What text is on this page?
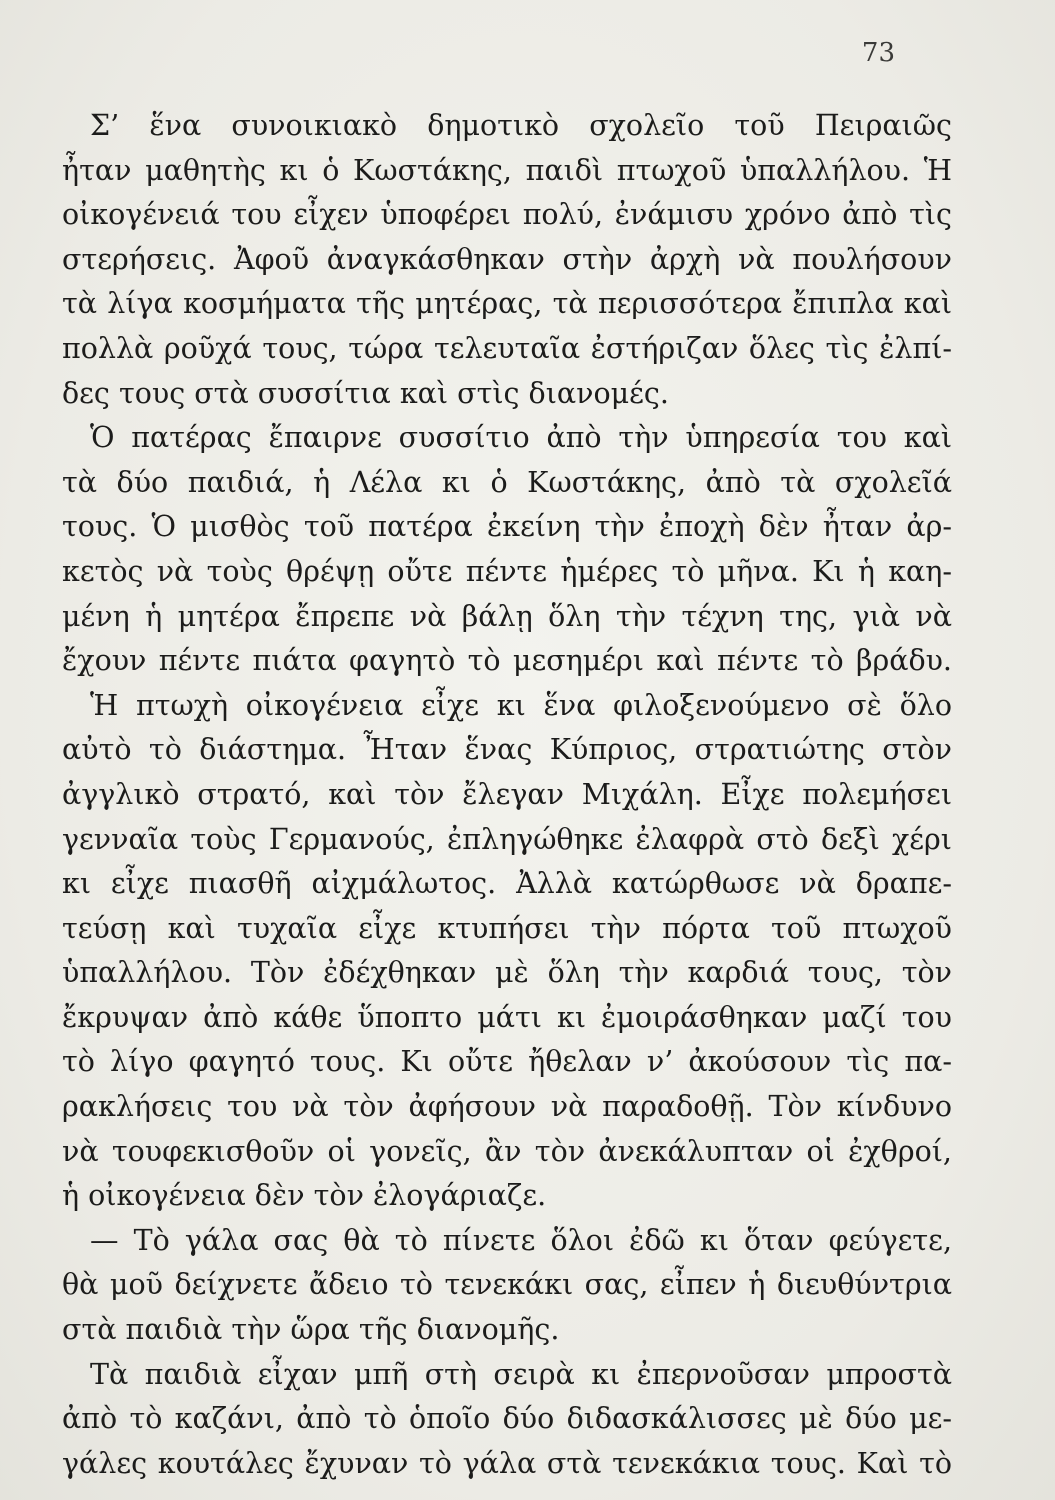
73
Σ’ ἕνα συνοικιακὸ δημοτικὸ σχολεῖο τοῦ Πειραιῶς
ἦταν μαθητὴς κι ὁ Κωστάκης, παιδὶ πτωχοῦ ὑπαλλήλου. Ἡ
οἰκογένειά του εἶχεν ὑποφέρει πολύ, ἐνάμισυ χρόνο ἀπὸ τὶς
στερήσεις. Ἀφοῦ ἀναγκάσθηκαν στὴν ἀρχὴ νὰ πουλήσουν
τὰ λίγα κοσμήματα τῆς μητέρας, τὰ περισσότερα ἔπιπλα καὶ
πολλὰ ροῦχά τους, τώρα τελευταῖα ἐστήριζαν ὅλες τὶς ἐλπί-
δες τους στὰ συσσίτια καὶ στὶς διανομές.
Ὁ πατέρας ἔπαιρνε συσσίτιο ἀπὸ τὴν ὑπηρεσία του καὶ
τὰ δύο παιδιά, ἡ Λέλα κι ὁ Κωστάκης, ἀπὸ τὰ σχολεῖά
τους. Ὁ μισθὸς τοῦ πατέρα ἐκείνη τὴν ἐποχὴ δὲν ἦταν ἀρ-
κετὸς νὰ τοὺς θρέψῃ οὔτε πέντε ἡμέρες τὸ μῆνα. Κι ἡ καη-
μένη ἡ μητέρα ἔπρεπε νὰ βάλῃ ὅλη τὴν τέχνη της, γιὰ νὰ
ἔχουν πέντε πιάτα φαγητὸ τὸ μεσημέρι καὶ πέντε τὸ βράδυ.
Ἡ πτωχὴ οἰκογένεια εἶχε κι ἕνα φιλοξενούμενο σὲ ὅλο
αὐτὸ τὸ διάστημα. Ἦταν ἕνας Κύπριος, στρατιώτης στὸν
ἀγγλικὸ στρατό, καὶ τὸν ἔλεγαν Μιχάλη. Εἶχε πολεμήσει
γενναῖα τοὺς Γερμανούς, ἐπληγώθηκε ἐλαφρὰ στὸ δεξὶ χέρι
κι εἶχε πιασθῆ αἰχμάλωτος. Ἀλλὰ κατώρθωσε νὰ δραπε-
τεύσῃ καὶ τυχαῖα εἶχε κτυπήσει τὴν πόρτα τοῦ πτωχοῦ
ὑπαλλήλου. Τὸν ἐδέχθηκαν μὲ ὅλη τὴν καρδιά τους, τὸν
ἔκρυψαν ἀπὸ κάθε ὕποπτο μάτι κι ἐμοιράσθηκαν μαζί του
τὸ λίγο φαγητό τους. Κι οὔτε ἤθελαν ν’ ἀκούσουν τὶς πα-
ρακλήσεις του νὰ τὸν ἀφήσουν νὰ παραδοθῇ. Τὸν κίνδυνο
νὰ τουφεκισθοῦν οἱ γονεῖς, ἂν τὸν ἀνεκάλυπταν οἱ ἐχθροί,
ἡ οἰκογένεια δὲν τὸν ἐλογάριαζε.
— Τὸ γάλα σας θὰ τὸ πίνετε ὅλοι ἐδῶ κι ὅταν φεύγετε,
θὰ μοῦ δείχνετε ἄδειο τὸ τενεκάκι σας, εἶπεν ἡ διευθύντρια
στὰ παιδιὰ τὴν ὥρα τῆς διανομῆς.
Τὰ παιδιὰ εἶχαν μπῆ στὴ σειρὰ κι ἐπερνοῦσαν μπροστὰ
ἀπὸ τὸ καζάνι, ἀπὸ τὸ ὁποῖο δύο διδασκάλισσες μὲ δύο με-
γάλες κουτάλες ἔχυναν τὸ γάλα στὰ τενεκάκια τους. Καὶ τὸ
